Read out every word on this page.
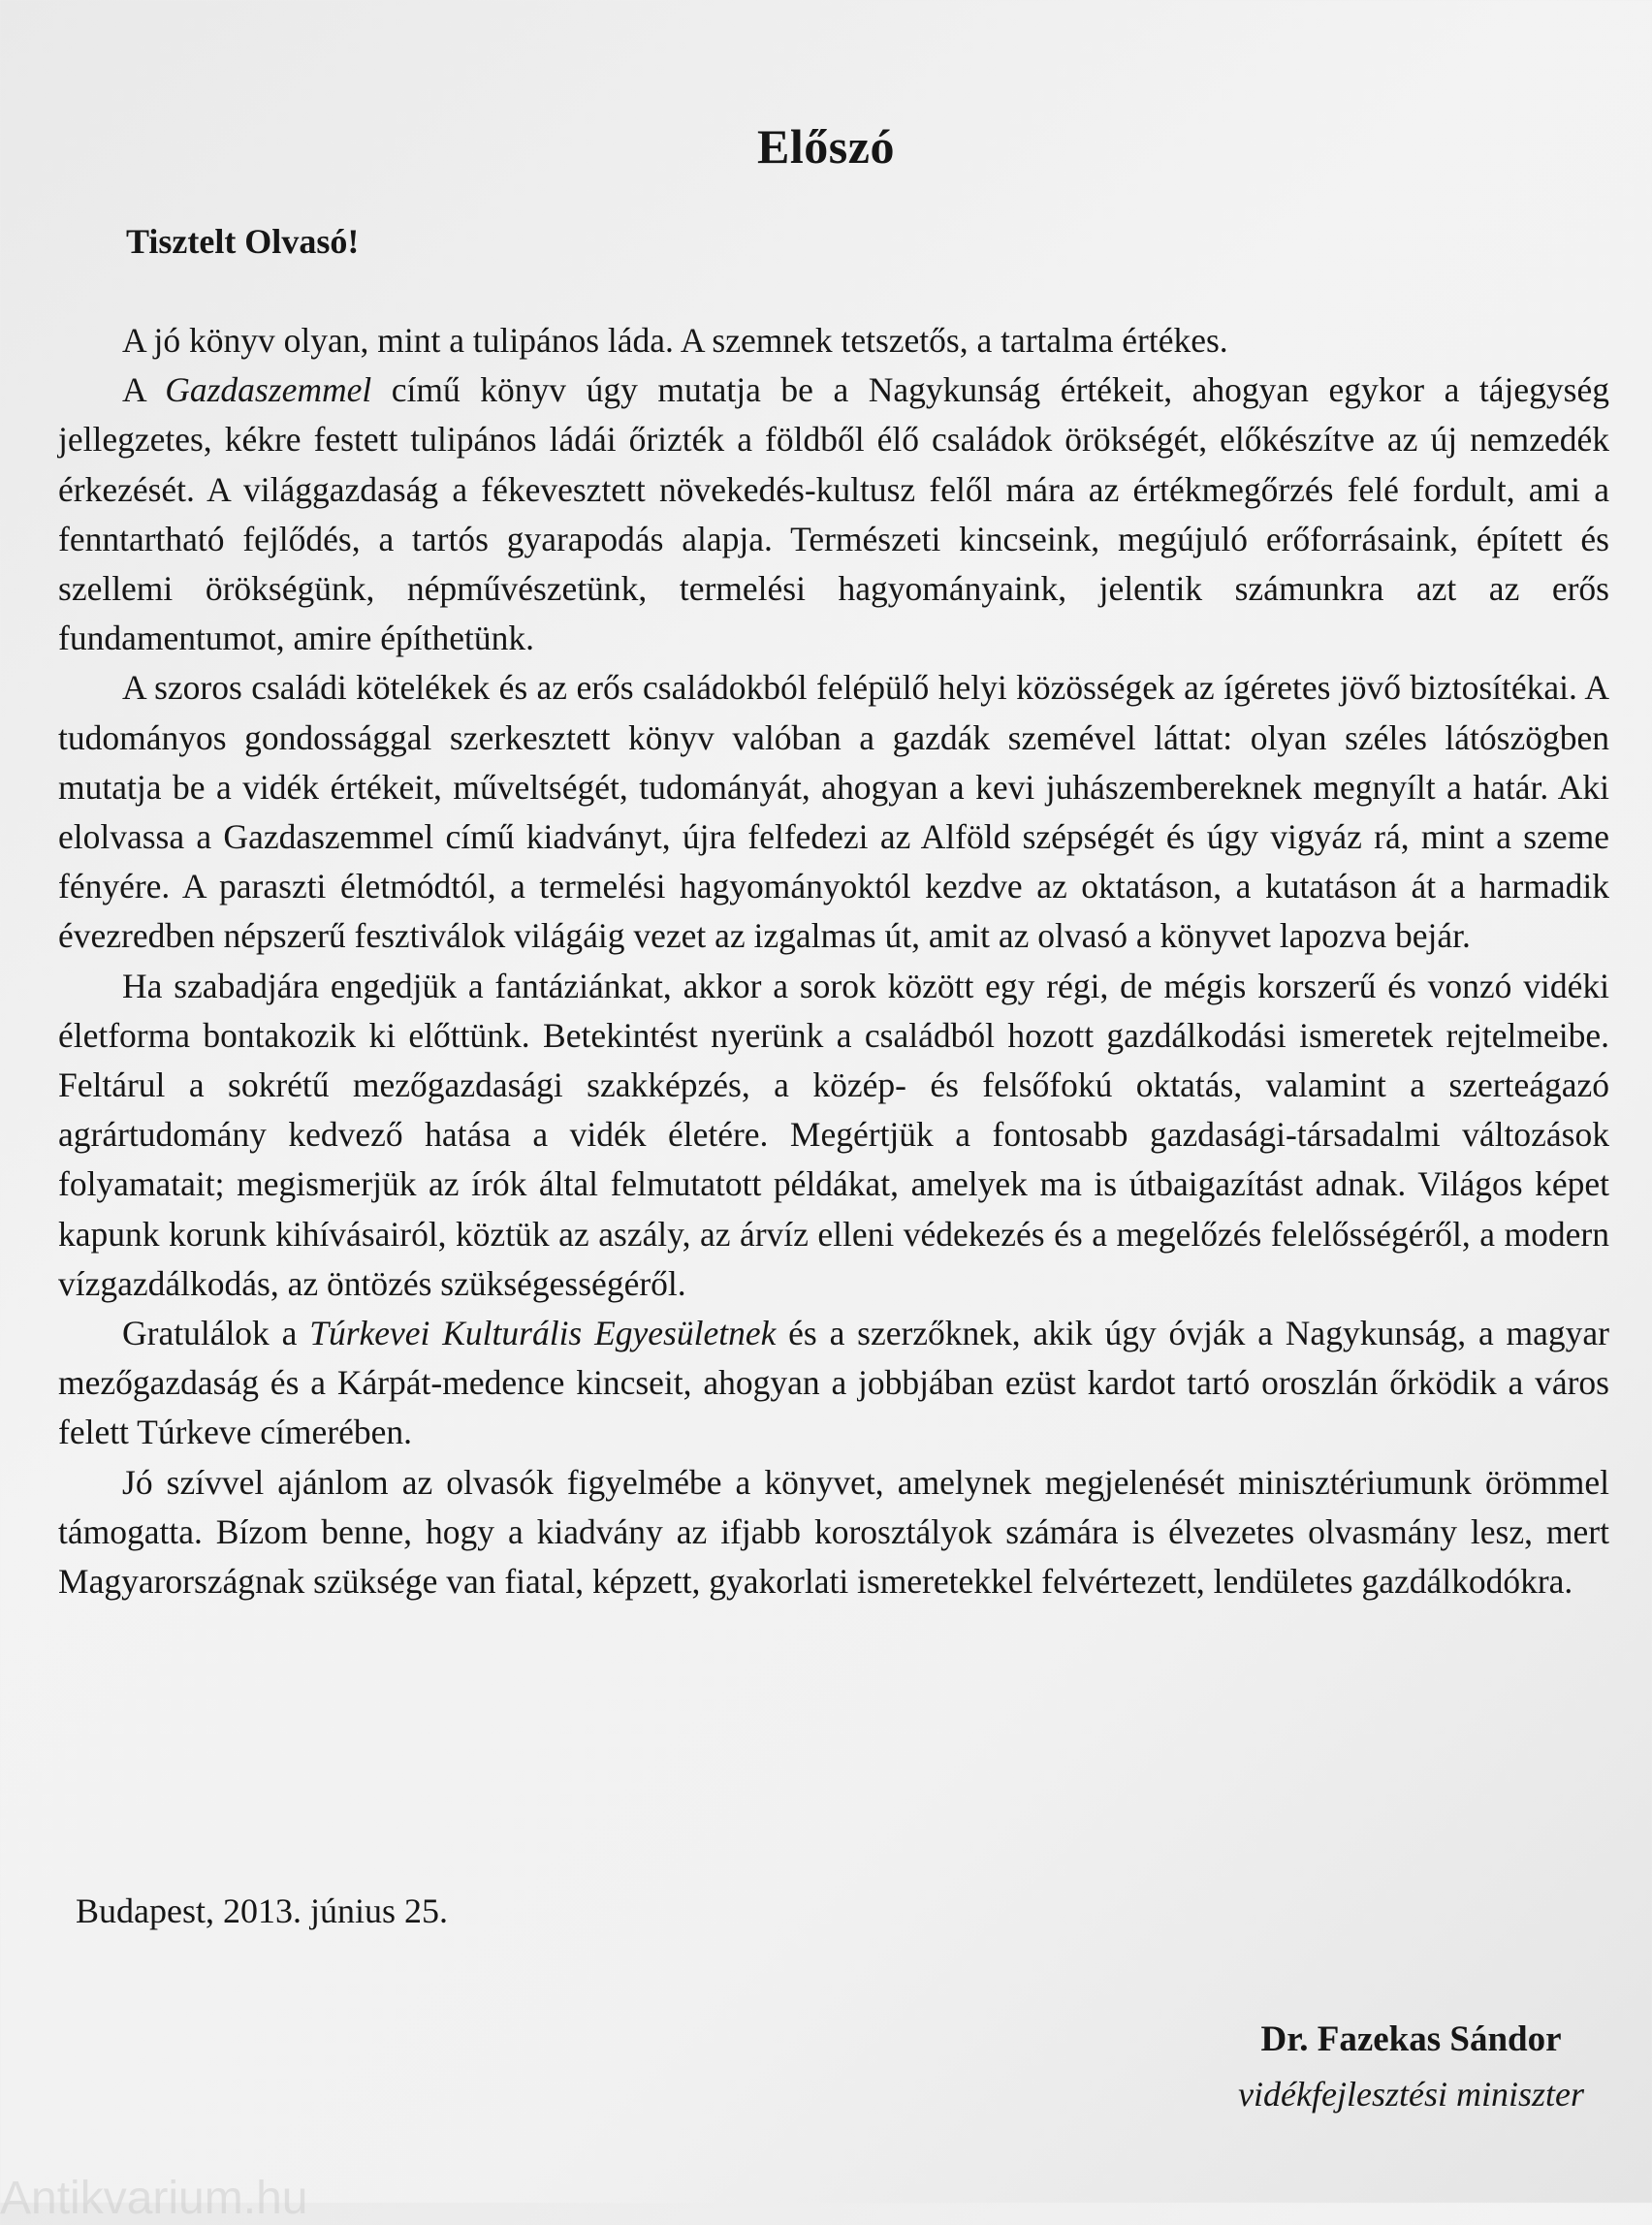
Előszó
Tisztelt Olvasó!

A jó könyv olyan, mint a tulipános láda. A szemnek tetszetős, a tartalma értékes.

A Gazdaszemmel című könyv úgy mutatja be a Nagykunság értékeit, ahogyan egykor a tájegység jellegzetes, kékre festett tulipános ládái őrizték a földből élő családok örökségét, előkészítve az új nemzedék érkezését. A világgazdaság a fékevesztett növekedés-kultusz felől mára az értékmegőrzés felé fordult, ami a fenntartható fejlődés, a tartós gyarapodás alapja. Természeti kincseink, megújuló erőforrásaink, épített és szellemi örökségünk, népművészetünk, termelési hagyományaink, jelentik számunkra azt az erős fundamentumot, amire építhetünk.

A szoros családi kötelékek és az erős családokból felépülő helyi közösségek az ígéretes jövő biztosítékai. A tudományos gondossággal szerkesztett könyv valóban a gazdák szemével láttat: olyan széles látószögben mutatja be a vidék értékeit, műveltségét, tudományát, ahogyan a kevi juhászembereknek megnyílt a határ. Aki elolvassa a Gazdaszemmel című kiadványt, újra felfedezi az Alföld szépségét és úgy vigyáz rá, mint a szeme fényére. A paraszti életmódtól, a termelési hagyományoktól kezdve az oktatáson, a kutatáson át a harmadik évezredben népszerű fesztiválok világáig vezet az izgalmas út, amit az olvasó a könyvet lapozva bejár.

Ha szabadjára engedjük a fantáziánkat, akkor a sorok között egy régi, de mégis korszerű és vonzó vidéki életforma bontakozik ki előttünk. Betekintést nyerünk a családból hozott gazdálkodási ismeretek rejtelmeibe. Feltárul a sokrétű mezőgazdasági szakképzés, a közép- és felsőfokú oktatás, valamint a szerteágazó agrártudomány kedvező hatása a vidék életére. Megértjük a fontosabb gazdasági-társadalmi változások folyamatait; megismerjük az írók által felmutatott példákat, amelyek ma is útbaigazítást adnak. Világos képet kapunk korunk kihívásairól, köztük az aszály, az árvíz elleni védekezés és a megelőzés felelősségéről, a modern vízgazdálkodás, az öntözés szükségességéről.

Gratulálok a Túrkevei Kulturális Egyesületnek és a szerzőknek, akik úgy óvják a Nagykunság, a magyar mezőgazdaság és a Kárpát-medence kincseit, ahogyan a jobbjában ezüst kardot tartó oroszlán őrködik a város felett Túrkeve címerében.

Jó szívvel ajánlom az olvasók figyelmébe a könyvet, amelynek megjelenését minisztériumunk örömmel támogatta. Bízom benne, hogy a kiadvány az ifjabb korosztályok számára is élvezetes olvasmány lesz, mert Magyarországnak szüksége van fiatal, képzett, gyakorlati ismeretekkel felvértezett, lendületes gazdálkodókra.

Budapest, 2013. június 25.
Dr. Fazekas Sándor
vidékfejlesztési miniszter
Antikvarium.hu
